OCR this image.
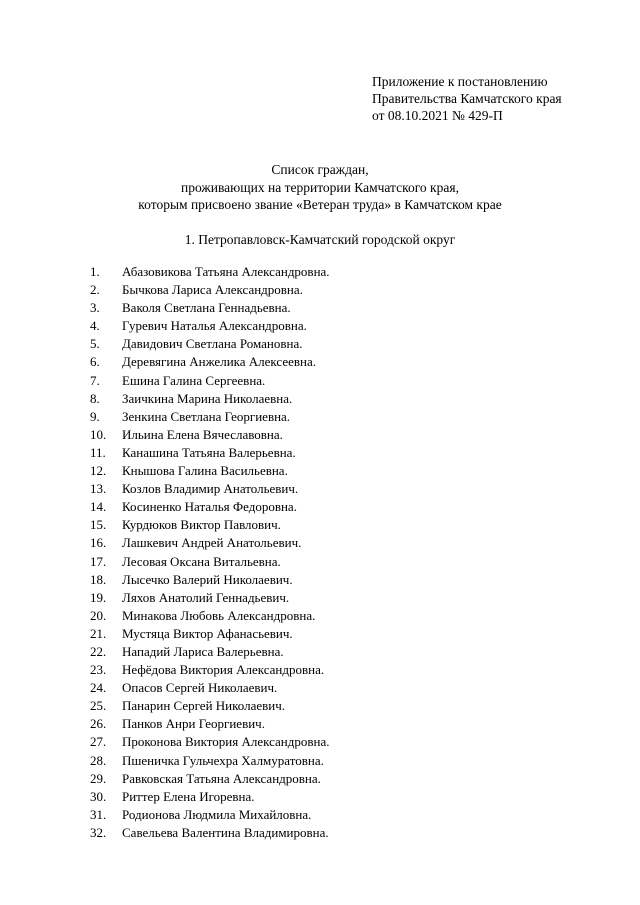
Приложение к постановлению
Правительства Камчатского края
от 08.10.2021 № 429-П
Список граждан,
проживающих на территории Камчатского края,
которым присвоено звание «Ветеран труда» в Камчатском крае
1. Петропавловск-Камчатский городской округ
1.	Абазовикова Татьяна Александровна.
2.	Бычкова Лариса Александровна.
3.	Ваколя Светлана Геннадьевна.
4.	Гуревич Наталья Александровна.
5.	Давидович Светлана Романовна.
6.	Деревягина Анжелика Алексеевна.
7.	Ешина Галина Сергеевна.
8.	Заичкина Марина Николаевна.
9.	Зенкина Светлана Георгиевна.
10.	Ильина Елена Вячеславовна.
11.	Канашина Татьяна Валерьевна.
12.	Кнышова Галина Васильевна.
13.	Козлов Владимир Анатольевич.
14.	Косиненко Наталья Федоровна.
15.	Курдюков Виктор Павлович.
16.	Лашкевич Андрей Анатольевич.
17.	Лесовая Оксана Витальевна.
18.	Лысечко Валерий Николаевич.
19.	Ляхов Анатолий Геннадьевич.
20.	Минакова Любовь Александровна.
21.	Мустяца Виктор Афанасьевич.
22.	Нападий Лариса Валерьевна.
23.	Нефёдова Виктория Александровна.
24.	Опасов Сергей Николаевич.
25.	Панарин Сергей Николаевич.
26.	Панков Анри Георгиевич.
27.	Проконова Виктория Александровна.
28.	Пшеничка Гульчехра Халмуратовна.
29.	Равковская Татьяна Александровна.
30.	Риттер Елена Игоревна.
31.	Родионова Людмила Михайловна.
32.	Савельева Валентина Владимировна.
